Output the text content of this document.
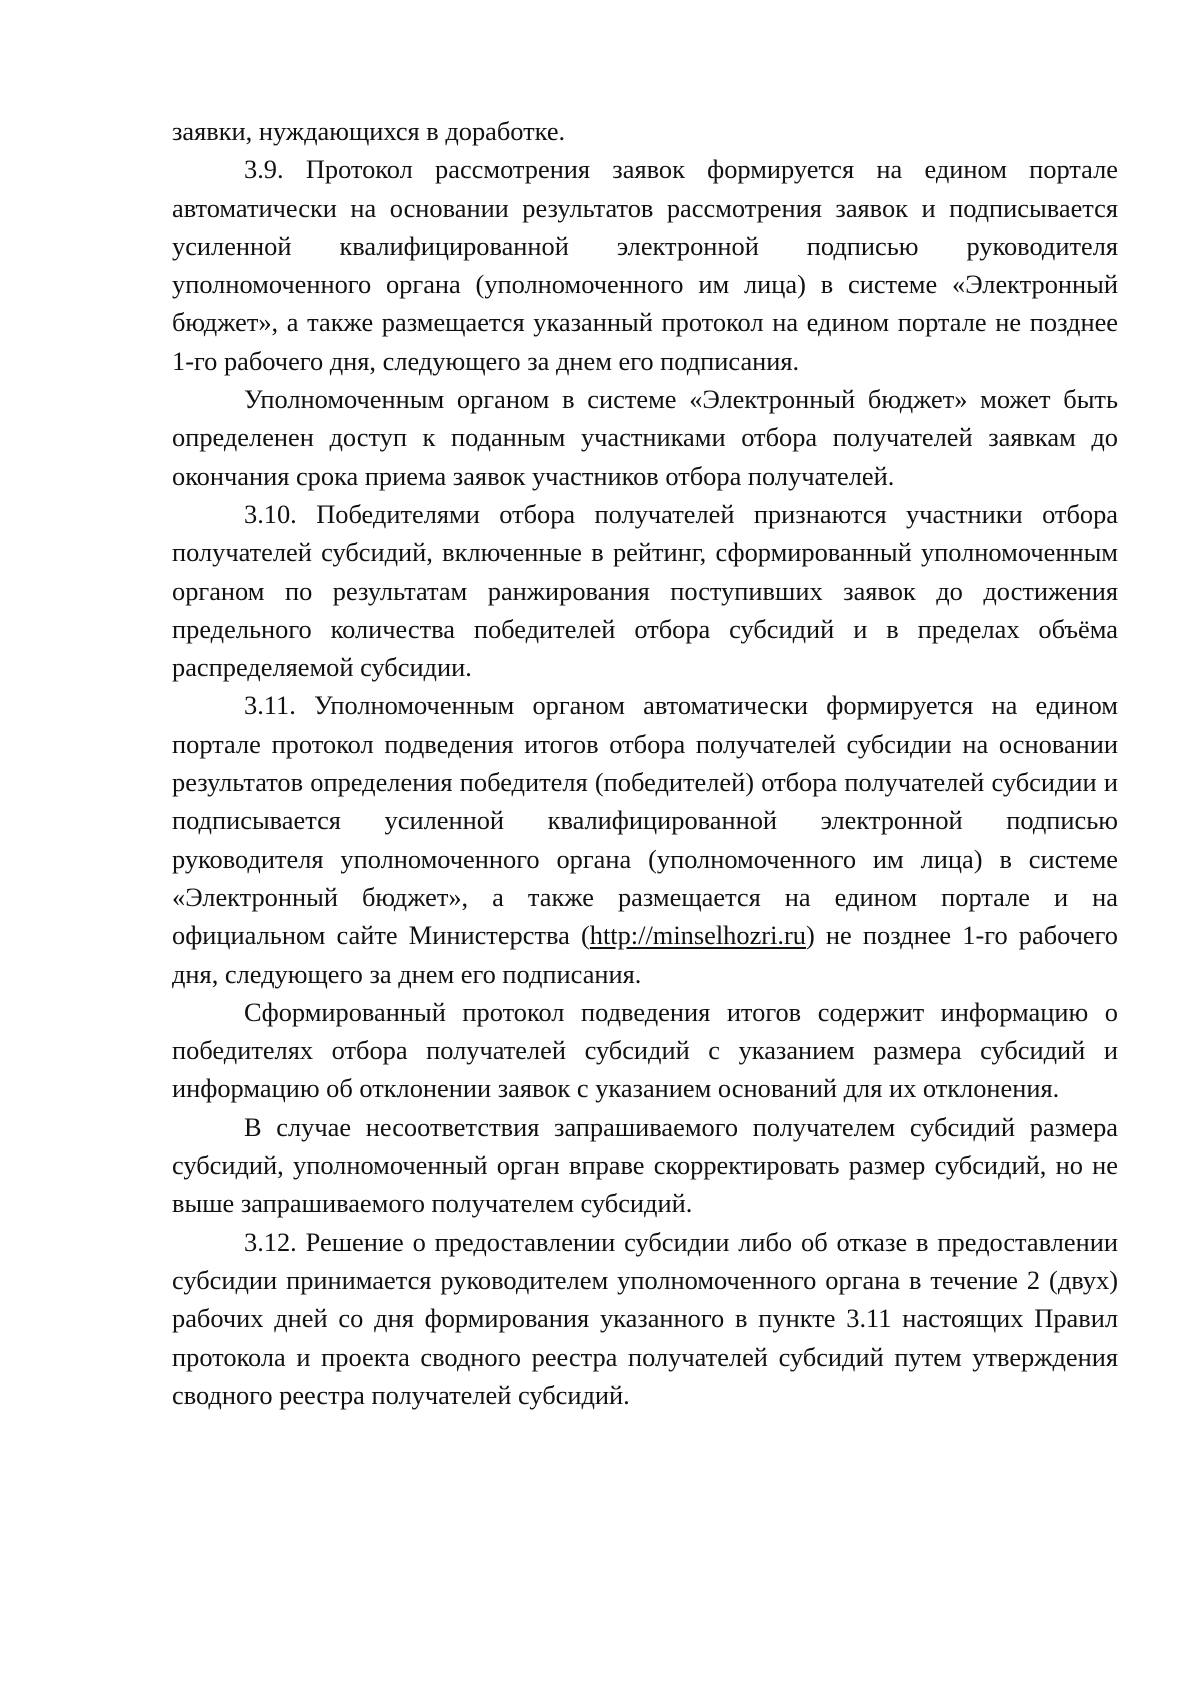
заявки, нуждающихся в доработке.

3.9. Протокол рассмотрения заявок формируется на едином портале автоматически на основании результатов рассмотрения заявок и подписывается усиленной квалифицированной электронной подписью руководителя уполномоченного органа (уполномоченного им лица) в системе «Электронный бюджет», а также размещается указанный протокол на едином портале не позднее 1-го рабочего дня, следующего за днем его подписания.

Уполномоченным органом в системе «Электронный бюджет» может быть определенен доступ к поданным участниками отбора получателей заявкам до окончания срока приема заявок участников отбора получателей.

3.10. Победителями отбора получателей признаются участники отбора получателей субсидий, включенные в рейтинг, сформированный уполномоченным органом по результатам ранжирования поступивших заявок до достижения предельного количества победителей отбора субсидий и в пределах объёма распределяемой субсидии.

3.11. Уполномоченным органом автоматически формируется на едином портале протокол подведения итогов отбора получателей субсидии на основании результатов определения победителя (победителей) отбора получателей субсидии и подписывается усиленной квалифицированной электронной подписью руководителя уполномоченного органа (уполномоченного им лица) в системе «Электронный бюджет», а также размещается на едином портале и на официальном сайте Министерства (http://minselhozri.ru) не позднее 1-го рабочего дня, следующего за днем его подписания.

Сформированный протокол подведения итогов содержит информацию о победителях отбора получателей субсидий с указанием размера субсидий и информацию об отклонении заявок с указанием оснований для их отклонения.

В случае несоответствия запрашиваемого получателем субсидий размера субсидий, уполномоченный орган вправе скорректировать размер субсидий, но не выше запрашиваемого получателем субсидий.

3.12. Решение о предоставлении субсидии либо об отказе в предоставлении субсидии принимается руководителем уполномоченного органа в течение 2 (двух) рабочих дней со дня формирования указанного в пункте 3.11 настоящих Правил протокола и проекта сводного реестра получателей субсидий путем утверждения сводного реестра получателей субсидий.
